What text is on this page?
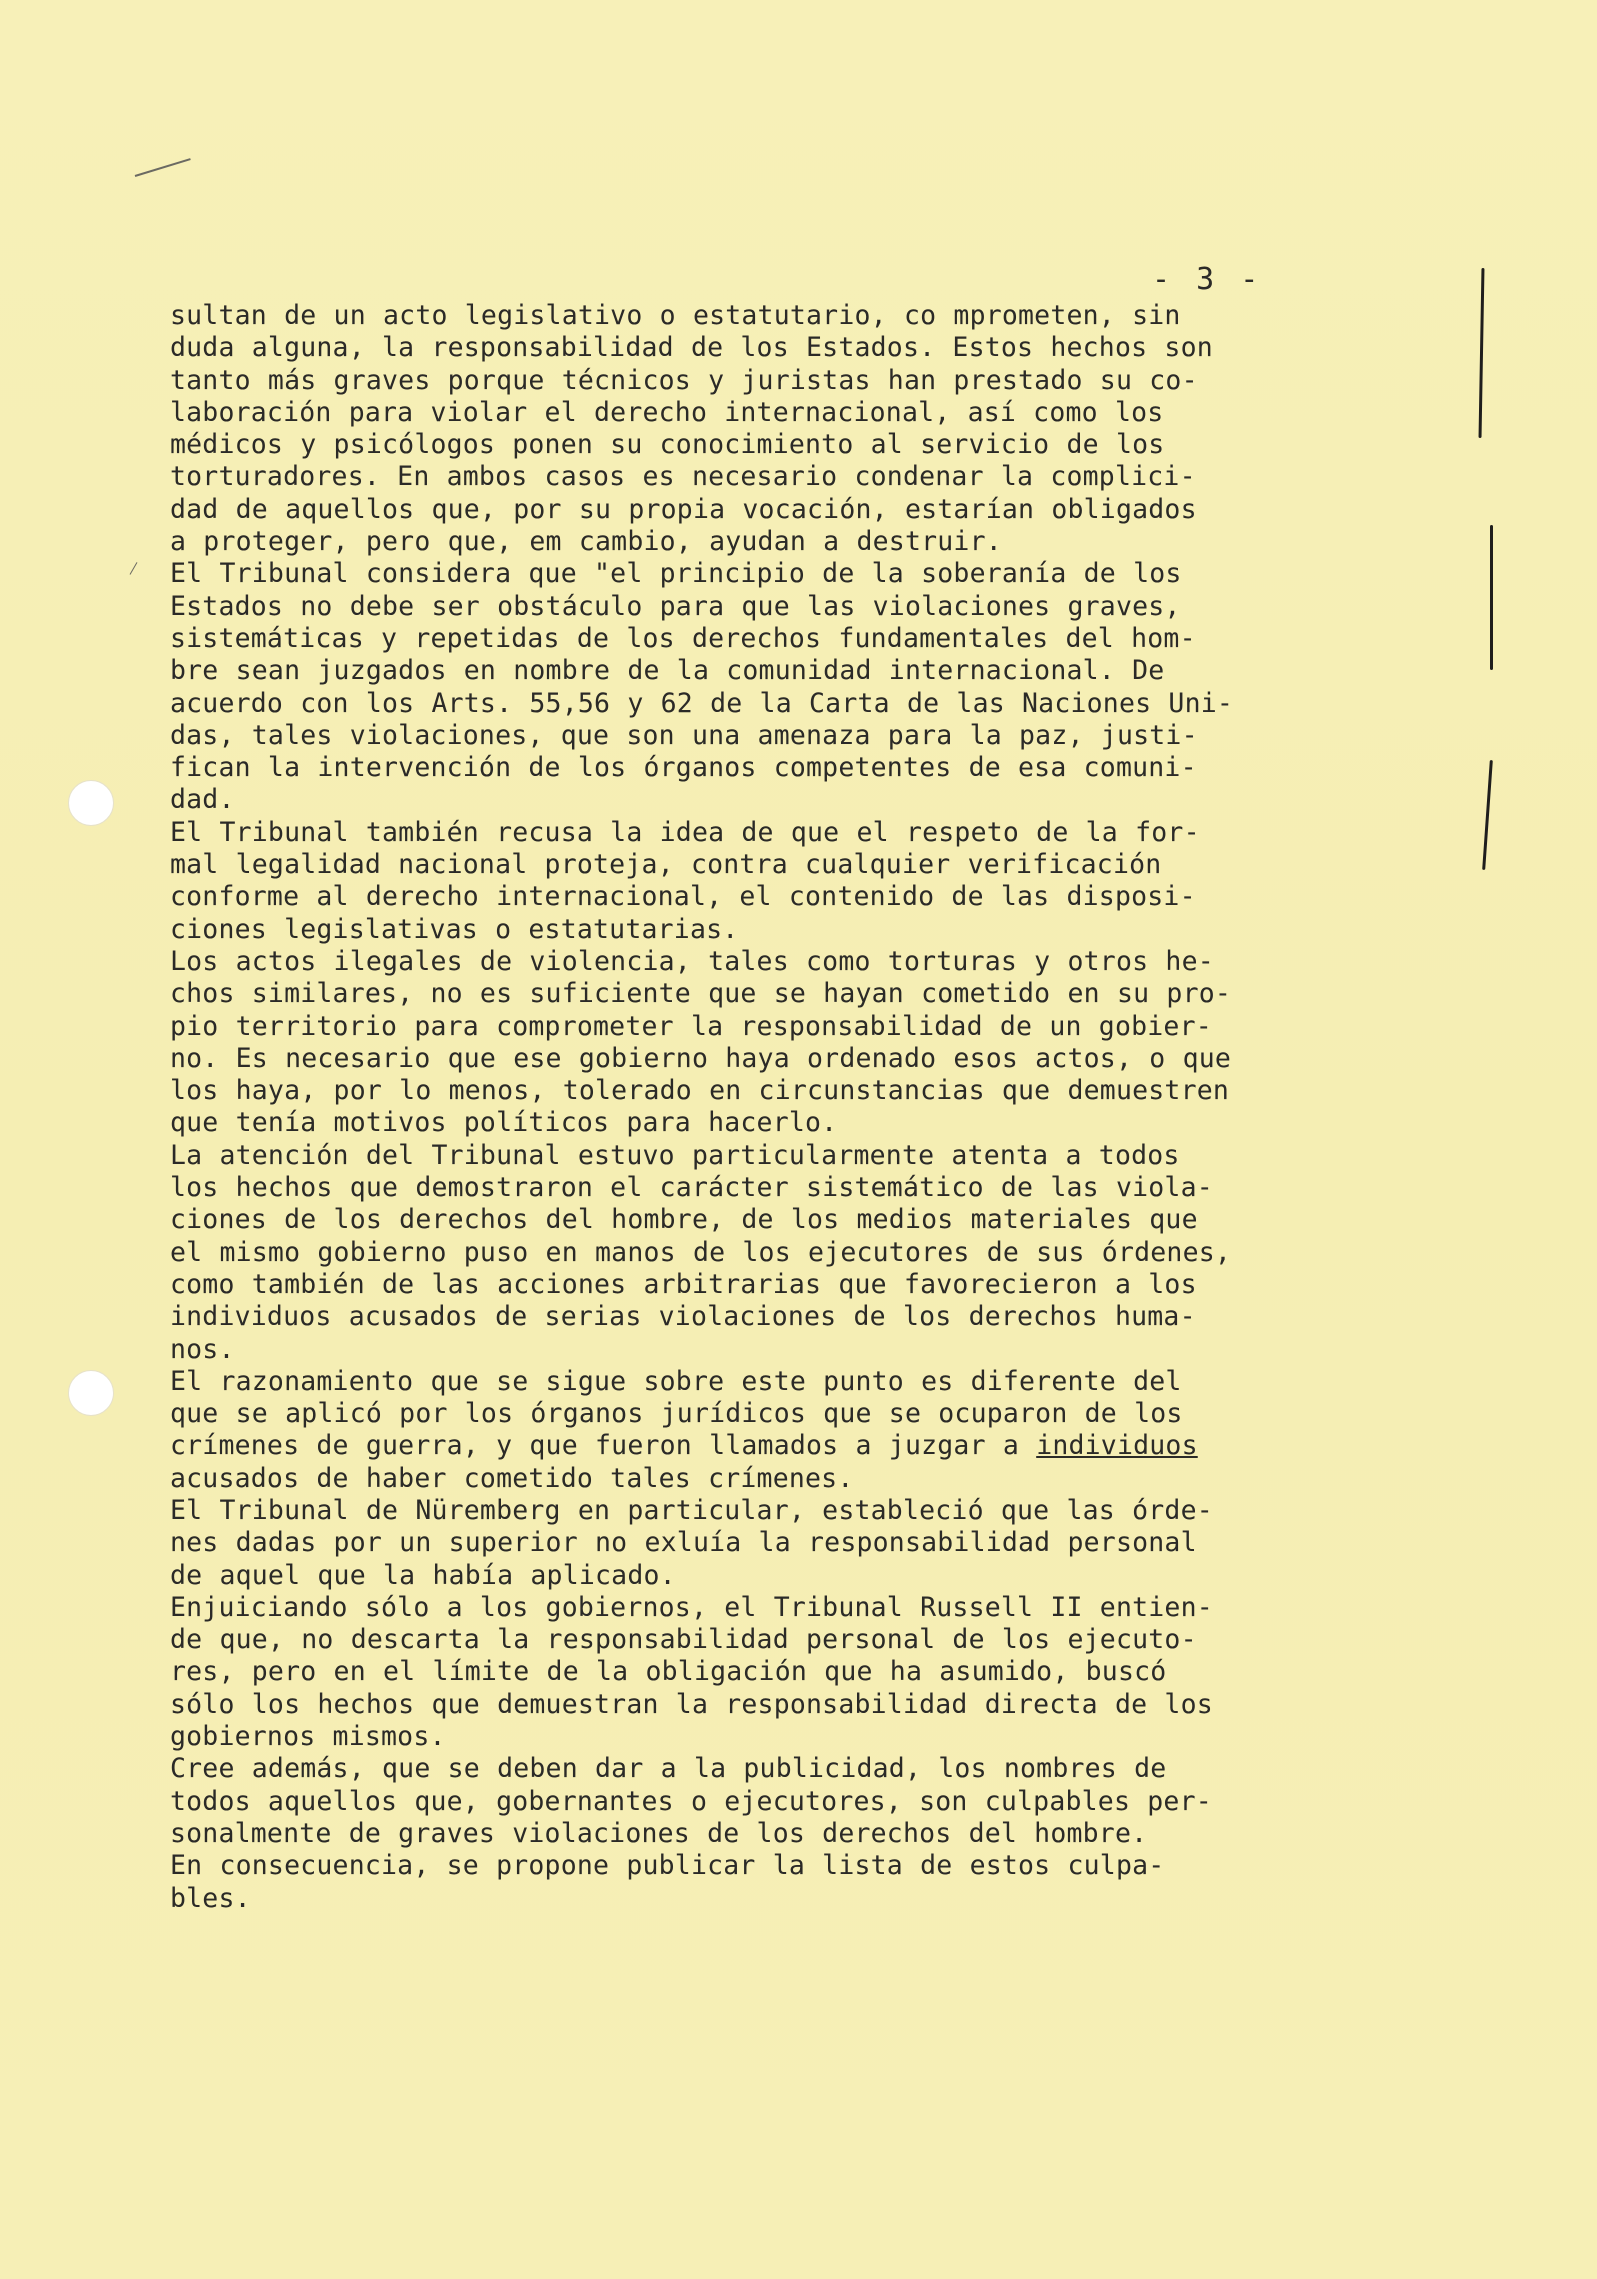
- 3 -
sultan de un acto legislativo o estatutario, co mprometen, sin
duda alguna, la responsabilidad de los Estados. Estos hechos son
tanto más graves porque técnicos y juristas han prestado su co-
laboración para violar el derecho internacional, así como los
médicos y psicólogos ponen su conocimiento al servicio de los
torturadores. En ambos casos es necesario condenar la complici-
dad de aquellos que, por su propia vocación, estarían obligados
a proteger, pero que, em cambio, ayudan a destruir.
El Tribunal considera que "el principio de la soberanía de los
Estados no debe ser obstáculo para que las violaciones graves,
sistemáticas y repetidas de los derechos fundamentales del hom-
bre sean juzgados en nombre de la comunidad internacional. De
acuerdo con los Arts. 55,56 y 62 de la Carta de las Naciones Uni-
das, tales violaciones, que son una amenaza para la paz, justi-
fican la intervención de los órganos competentes de esa comuni-
dad.
El Tribunal también recusa la idea de que el respeto de la for-
mal legalidad nacional proteja, contra cualquier verificación
conforme al derecho internacional, el contenido de las disposi-
ciones legislativas o estatutarias.
Los actos ilegales de violencia, tales como torturas y otros he-
chos similares, no es suficiente que se hayan cometido en su pro-
pio territorio para comprometer la responsabilidad de un gobier-
no. Es necesario que ese gobierno haya ordenado esos actos, o que
los haya, por lo menos, tolerado en circunstancias que demuestren
que tenía motivos políticos para hacerlo.
La atención del Tribunal estuvo particularmente atenta a todos
los hechos que demostraron el carácter sistemático de las viola-
ciones de los derechos del hombre, de los medios materiales que
el mismo gobierno puso en manos de los ejecutores de sus órdenes,
como también de las acciones arbitrarias que favorecieron a los
individuos acusados de serias violaciones de los derechos huma-
nos.
El razonamiento que se sigue sobre este punto es diferente del
que se aplicó por los órganos jurídicos que se ocuparon de los
crímenes de guerra, y que fueron llamados a juzgar a individuos
acusados de haber cometido tales crímenes.
El Tribunal de Nüremberg en particular, estableció que las órde-
nes dadas por un superior no exluía la responsabilidad personal
de aquel que la había aplicado.
Enjuiciando sólo a los gobiernos, el Tribunal Russell II entien-
de que, no descarta la responsabilidad personal de los ejecuto-
res, pero en el límite de la obligación que ha asumido, buscó
sólo los hechos que demuestran la responsabilidad directa de los
gobiernos mismos.
Cree además, que se deben dar a la publicidad, los nombres de
todos aquellos que, gobernantes o ejecutores, son culpables per-
sonalmente de graves violaciones de los derechos del hombre.
En consecuencia, se propone publicar la lista de estos culpa-
bles.
